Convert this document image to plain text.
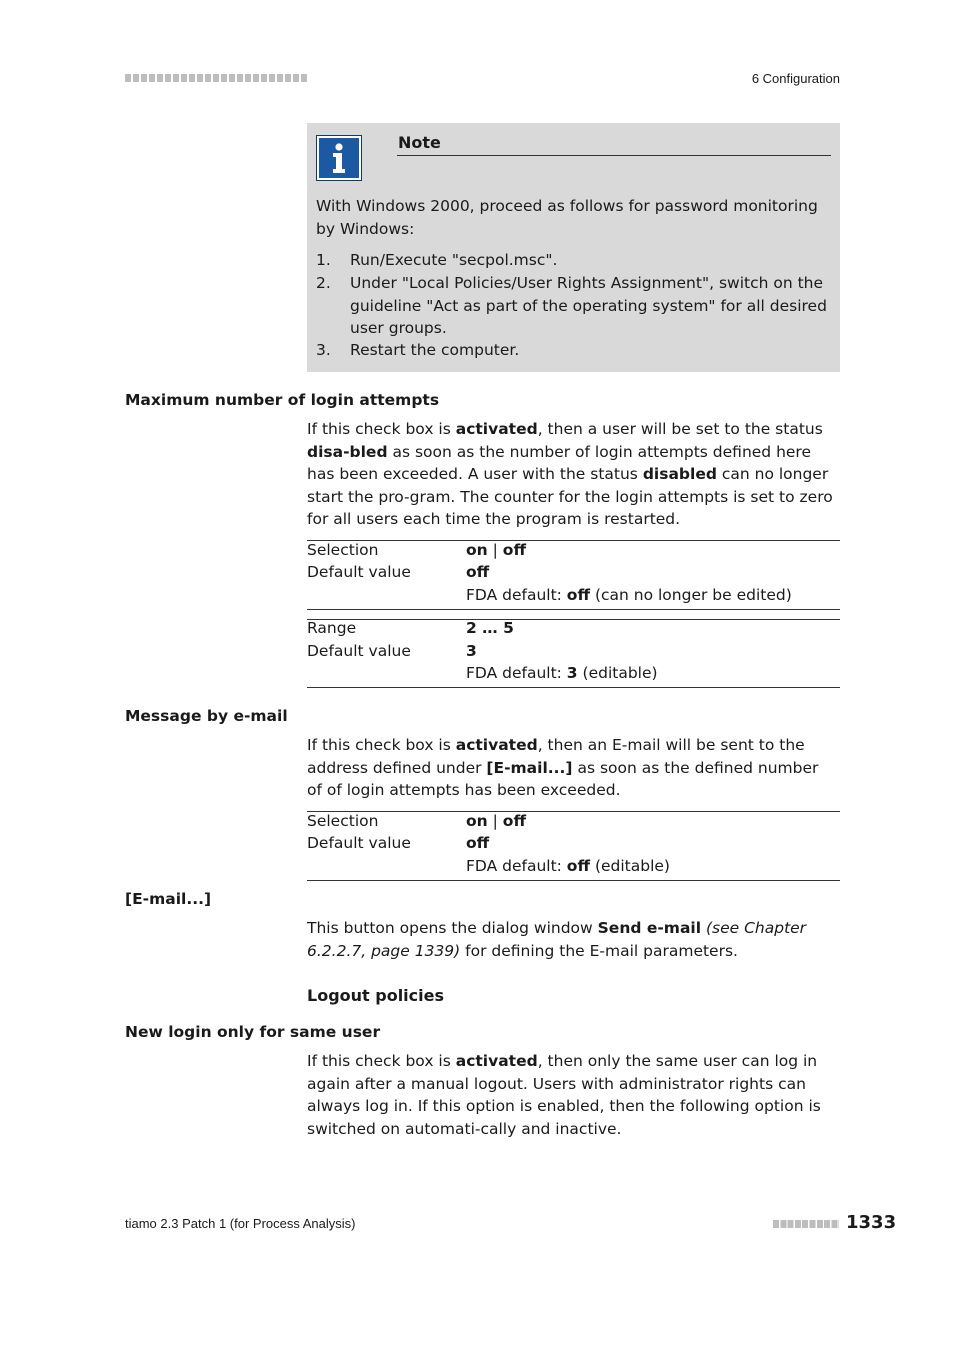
6 Configuration
Note
With Windows 2000, proceed as follows for password monitoring by Windows:
1.	Run/Execute "secpol.msc".
2.	Under "Local Policies/User Rights Assignment", switch on the guideline "Act as part of the operating system" for all desired user groups.
3.	Restart the computer.
Maximum number of login attempts
If this check box is activated, then a user will be set to the status disa-bled as soon as the number of login attempts defined here has been exceeded. A user with the status disabled can no longer start the pro-gram. The counter for the login attempts is set to zero for all users each time the program is restarted.
Selection	on | off
Default value	off
FDA default: off (can no longer be edited)
Range	2 … 5
Default value	3
FDA default: 3 (editable)
Message by e-mail
If this check box is activated, then an E-mail will be sent to the address defined under [E-mail...] as soon as the defined number of of login attempts has been exceeded.
Selection	on | off
Default value	off
FDA default: off (editable)
[E-mail...]
This button opens the dialog window Send e-mail (see Chapter 6.2.2.7, page 1339) for defining the E-mail parameters.
Logout policies
New login only for same user
If this check box is activated, then only the same user can log in again after a manual logout. Users with administrator rights can always log in. If this option is enabled, then the following option is switched on automati-cally and inactive.
tiamo 2.3 Patch 1 (for Process Analysis)	1333
